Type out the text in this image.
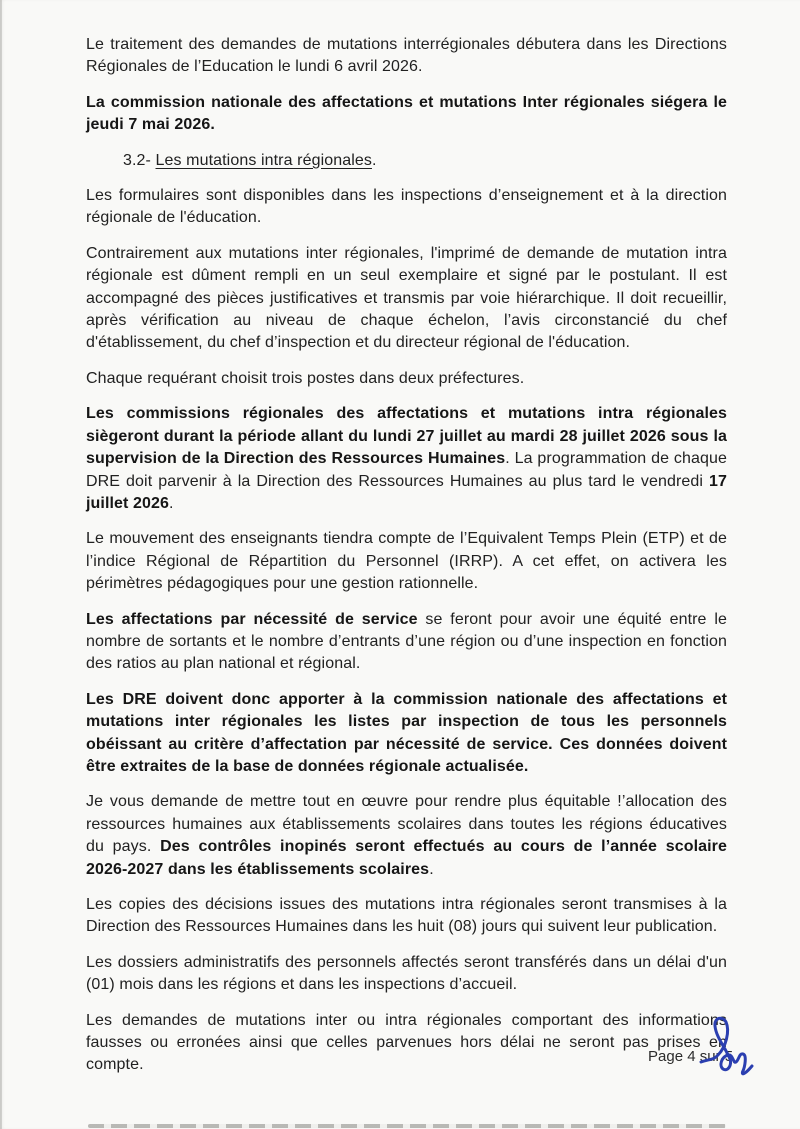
Le traitement des demandes de mutations interrégionales débutera dans les Directions Régionales de l’Education le lundi 6 avril 2026.

La commission nationale des affectations et mutations Inter régionales siégera le jeudi 7 mai 2026.

3.2- Les mutations intra régionales.

Les formulaires sont disponibles dans les inspections d’enseignement et à la direction régionale de l'éducation.

Contrairement aux mutations inter régionales, l'imprimé de demande de mutation intra régionale est dûment rempli en un seul exemplaire et signé par le postulant. Il est accompagné des pièces justificatives et transmis par voie hiérarchique. Il doit recueillir, après vérification au niveau de chaque échelon, l’avis circonstancié du chef d'établissement, du chef d’inspection et du directeur régional de l'éducation.

Chaque requérant choisit trois postes dans deux préfectures.

Les commissions régionales des affectations et mutations intra régionales siègeront durant la période allant du lundi 27 juillet au mardi 28 juillet 2026 sous la supervision de la Direction des Ressources Humaines. La programmation de chaque DRE doit parvenir à la Direction des Ressources Humaines au plus tard le vendredi 17 juillet 2026.

Le mouvement des enseignants tiendra compte de l’Equivalent Temps Plein (ETP) et de l’indice Régional de Répartition du Personnel (IRRP). A cet effet, on activera les périmètres pédagogiques pour une gestion rationnelle.

Les affectations par nécessité de service se feront pour avoir une équité entre le nombre de sortants et le nombre d’entrants d’une région ou d’une inspection en fonction des ratios au plan national et régional.

Les DRE doivent donc apporter à la commission nationale des affectations et mutations inter régionales les listes par inspection de tous les personnels obéissant au critère d’affectation par nécessité de service. Ces données doivent être extraites de la base de données régionale actualisée.

Je vous demande de mettre tout en œuvre pour rendre plus équitable !’allocation des ressources humaines aux établissements scolaires dans toutes les régions éducatives du pays. Des contrôles inopinés seront effectués au cours de l’année scolaire 2026-2027 dans les établissements scolaires.

Les copies des décisions issues des mutations intra régionales seront transmises à la Direction des Ressources Humaines dans les huit (08) jours qui suivent leur publication.

Les dossiers administratifs des personnels affectés seront transférés dans un délai d'un (01) mois dans les régions et dans les inspections d’accueil.

Les demandes de mutations inter ou intra régionales comportant des informations fausses ou erronées ainsi que celles parvenues hors délai ne seront pas prises en compte.	Page 4 sur 5
